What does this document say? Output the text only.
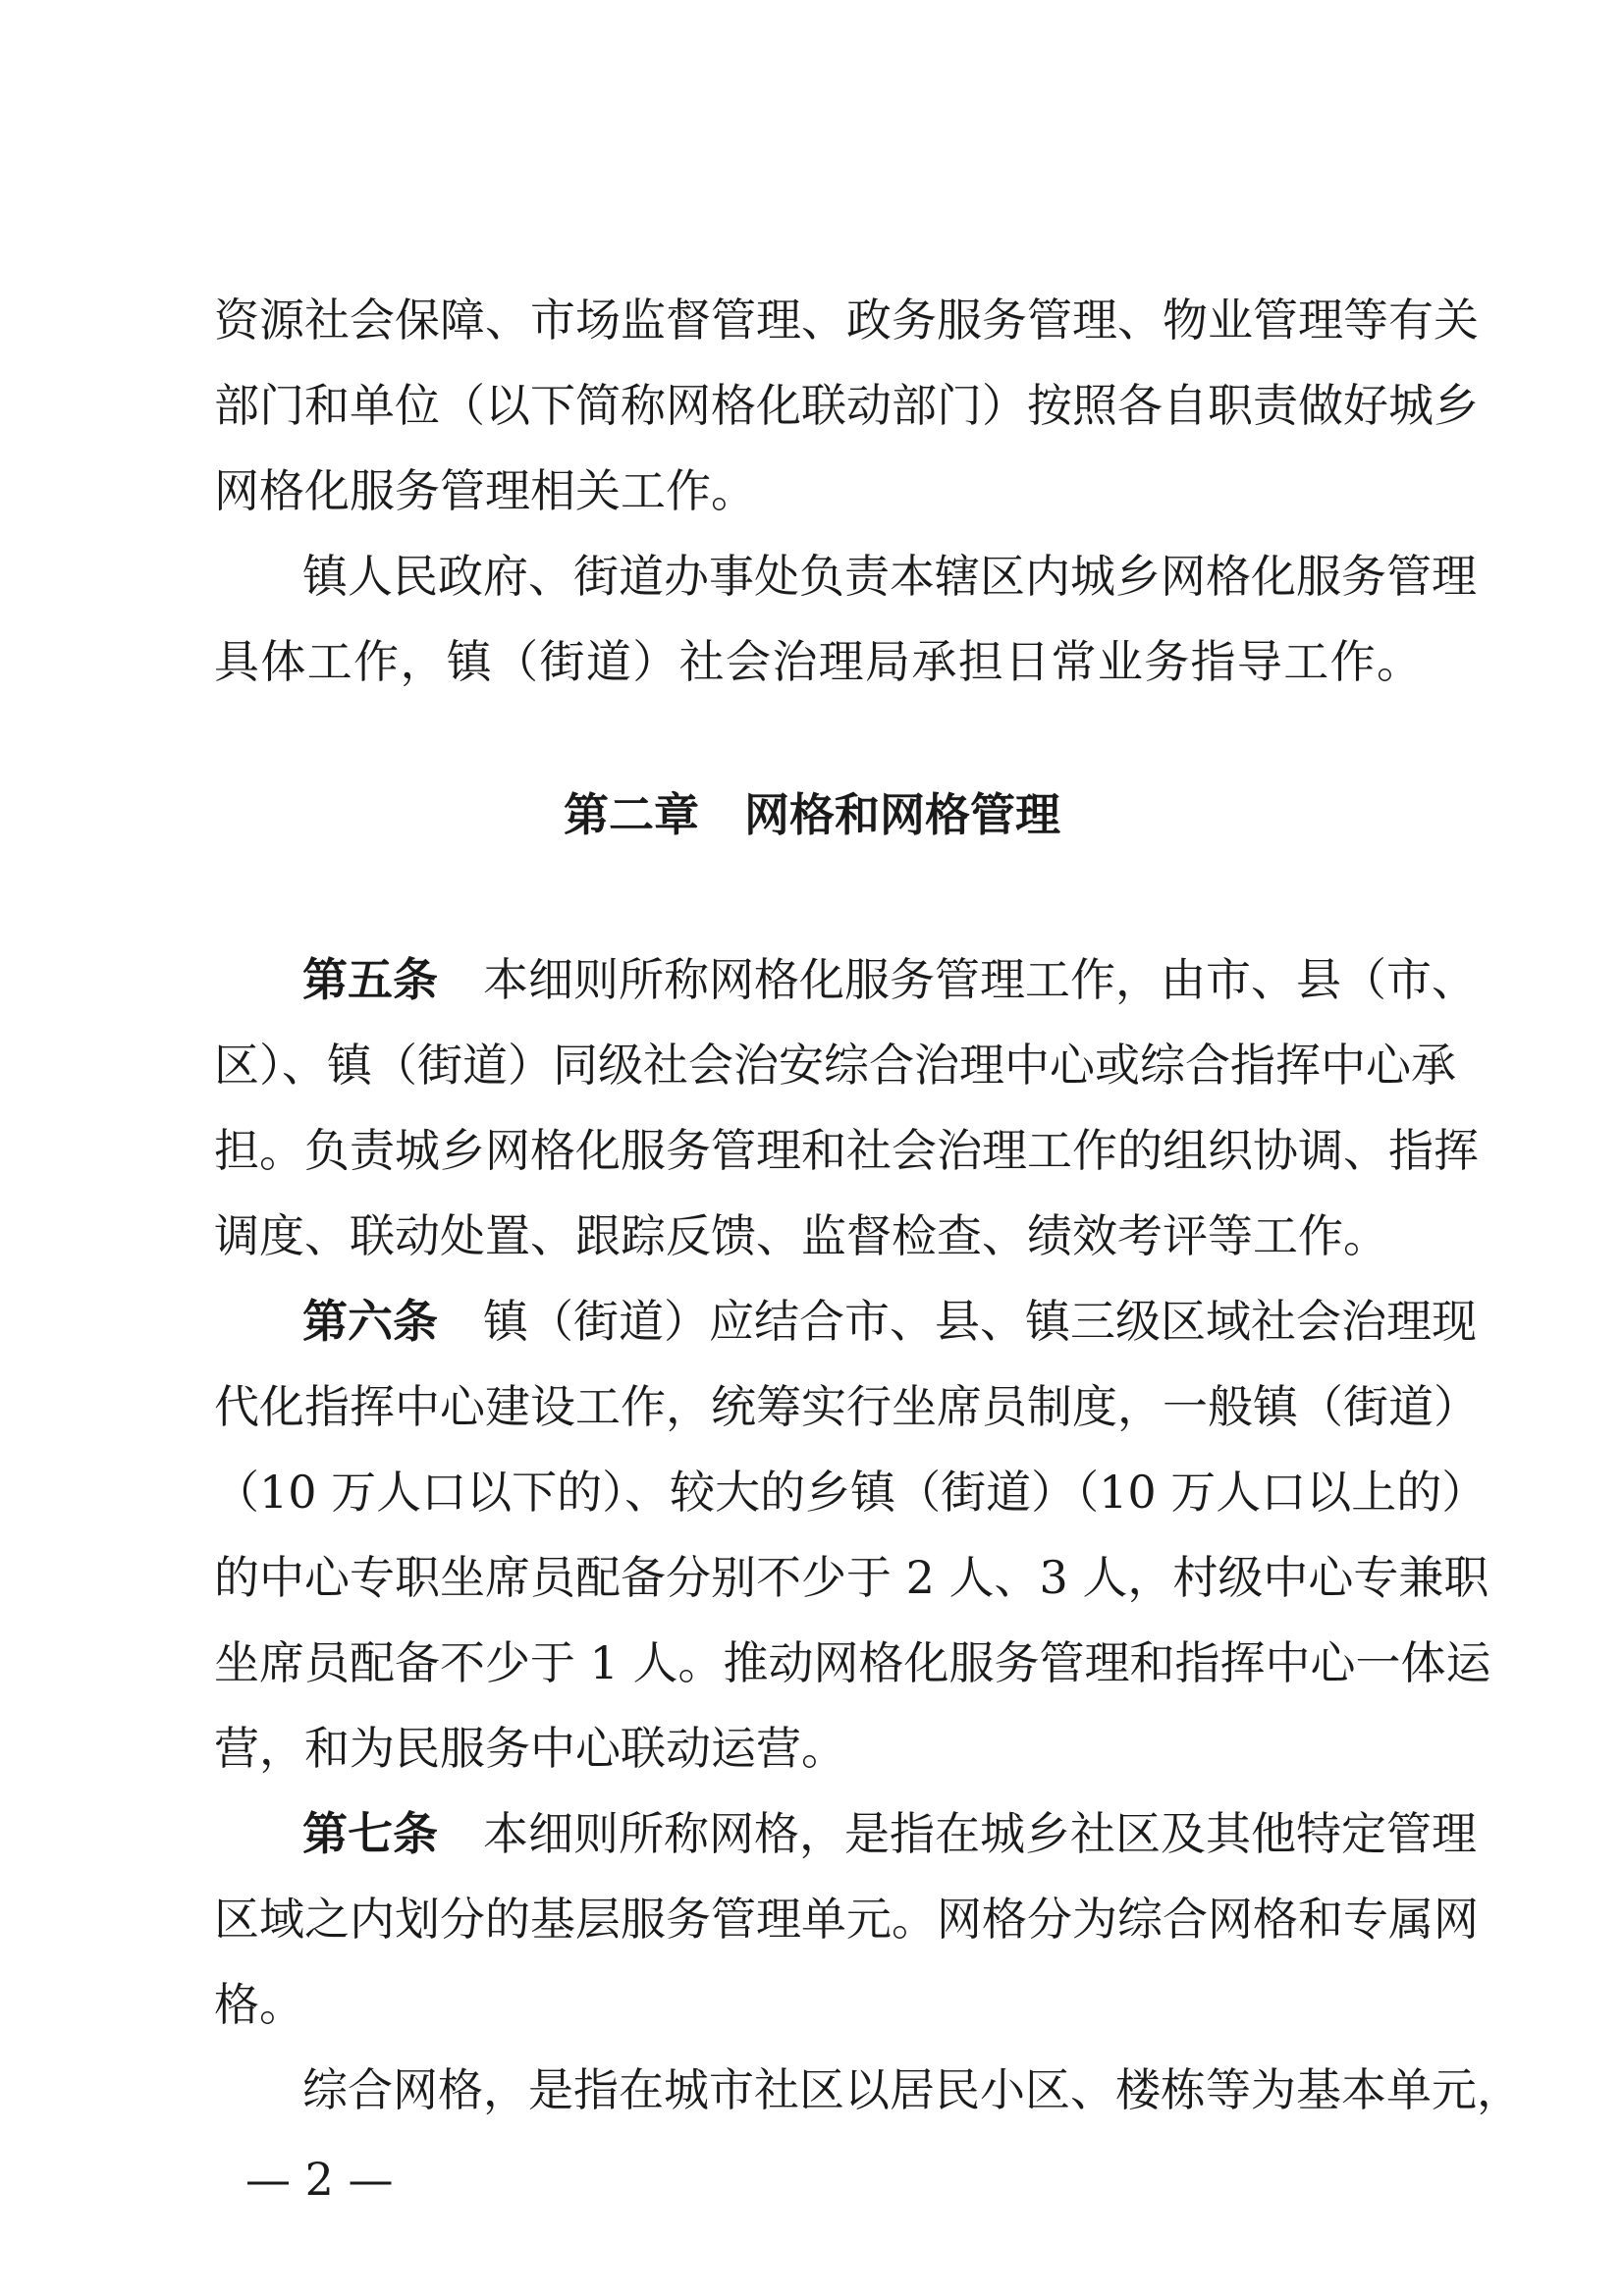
资源社会保障、市场监督管理、政务服务管理、物业管理等有关
部门和单位（以下简称网格化联动部门）按照各自职责做好城乡
网格化服务管理相关工作。
镇人民政府、街道办事处负责本辖区内城乡网格化服务管理
具体工作，镇（街道）社会治理局承担日常业务指导工作。
第二章　网格和网格管理
第五条 本细则所称网格化服务管理工作，由市、县（市、
区）、镇（街道）同级社会治安综合治理中心或综合指挥中心承
担。负责城乡网格化服务管理和社会治理工作的组织协调、指挥
调度、联动处置、跟踪反馈、监督检查、绩效考评等工作。
第六条 镇（街道）应结合市、县、镇三级区域社会治理现
代化指挥中心建设工作，统筹实行坐席员制度，一般镇（街道）
（10 万人口以下的）、较大的乡镇（街道）（10 万人口以上的）
的中心专职坐席员配备分别不少于 2 人、3 人，村级中心专兼职
坐席员配备不少于 1 人。推动网格化服务管理和指挥中心一体运
营，和为民服务中心联动运营。
第七条 本细则所称网格，是指在城乡社区及其他特定管理
区域之内划分的基层服务管理单元。网格分为综合网格和专属网
格。
综合网格，是指在城市社区以居民小区、楼栋等为基本单元，
— 2 —
